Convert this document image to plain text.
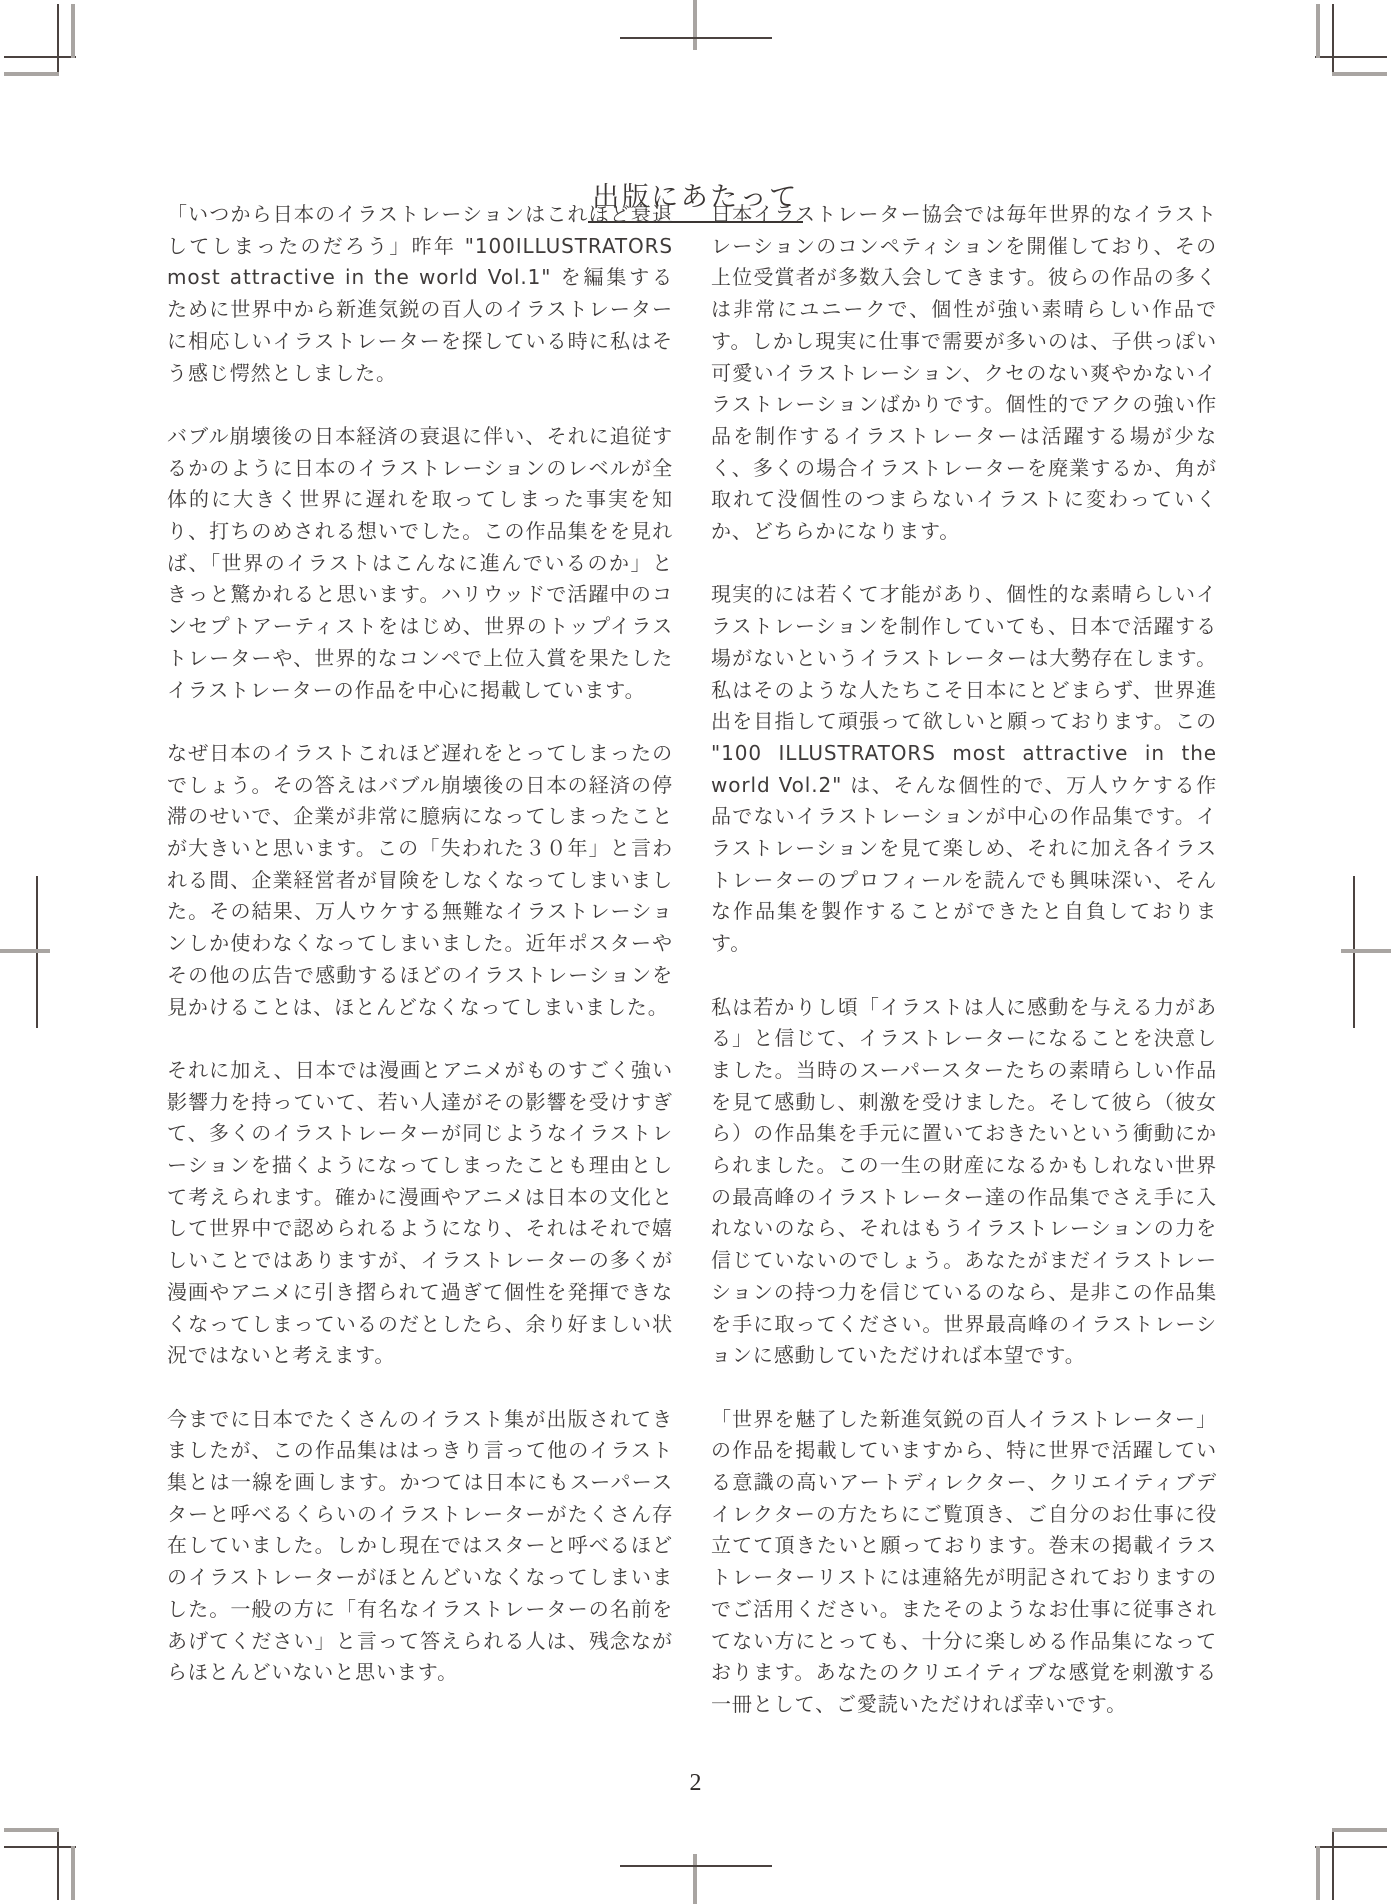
出版にあたって

「いつから日本のイラストレーションはこれほど衰退してしまったのだろう」昨年 "100ILLUSTRATORS most attractive in the world Vol.1" を編集するために世界中から新進気鋭の百人のイラストレーターに相応しいイラストレーターを探している時に私はそう感じ愕然としました。

バブル崩壊後の日本経済の衰退に伴い、それに追従するかのように日本のイラストレーションのレベルが全体的に大きく世界に遅れを取ってしまった事実を知り、打ちのめされる想いでした。この作品集をを見れば、「世界のイラストはこんなに進んでいるのか」ときっと驚かれると思います。ハリウッドで活躍中のコンセプトアーティストをはじめ、世界のトップイラストレーターや、世界的なコンペで上位入賞を果たしたイラストレーターの作品を中心に掲載しています。

なぜ日本のイラストこれほど遅れをとってしまったのでしょう。その答えはバブル崩壊後の日本の経済の停滞のせいで、企業が非常に臆病になってしまったことが大きいと思います。この「失われた３０年」と言われる間、企業経営者が冒険をしなくなってしまいました。その結果、万人ウケする無難なイラストレーションしか使わなくなってしまいました。近年ポスターやその他の広告で感動するほどのイラストレーションを見かけることは、ほとんどなくなってしまいました。

それに加え、日本では漫画とアニメがものすごく強い影響力を持っていて、若い人達がその影響を受けすぎて、多くのイラストレーターが同じようなイラストレーションを描くようになってしまったことも理由として考えられます。確かに漫画やアニメは日本の文化として世界中で認められるようになり、それはそれで嬉しいことではありますが、イラストレーターの多くが漫画やアニメに引き摺られて過ぎて個性を発揮できなくなってしまっているのだとしたら、余り好ましい状況ではないと考えます。

今までに日本でたくさんのイラスト集が出版されてきましたが、この作品集ははっきり言って他のイラスト集とは一線を画します。かつては日本にもスーパースターと呼べるくらいのイラストレーターがたくさん存在していました。しかし現在ではスターと呼べるほどのイラストレーターがほとんどいなくなってしまいました。一般の方に「有名なイラストレーターの名前をあげてください」と言って答えられる人は、残念ながらほとんどいないと思います。

日本イラストレーター協会では毎年世界的なイラストレーションのコンペティションを開催しており、その上位受賞者が多数入会してきます。彼らの作品の多くは非常にユニークで、個性が強い素晴らしい作品です。しかし現実に仕事で需要が多いのは、子供っぽい可愛いイラストレーション、クセのない爽やかないイラストレーションばかりです。個性的でアクの強い作品を制作するイラストレーターは活躍する場が少なく、多くの場合イラストレーターを廃業するか、角が取れて没個性のつまらないイラストに変わっていくか、どちらかになります。

現実的には若くて才能があり、個性的な素晴らしいイラストレーションを制作していても、日本で活躍する場がないというイラストレーターは大勢存在します。私はそのような人たちこそ日本にとどまらず、世界進出を目指して頑張って欲しいと願っております。この "100 ILLUSTRATORS most attractive in the world Vol.2" は、そんな個性的で、万人ウケする作品でないイラストレーションが中心の作品集です。イラストレーションを見て楽しめ、それに加え各イラストレーターのプロフィールを読んでも興味深い、そんな作品集を製作することができたと自負しております。

私は若かりし頃「イラストは人に感動を与える力がある」と信じて、イラストレーターになることを決意しました。当時のスーパースターたちの素晴らしい作品を見て感動し、刺激を受けました。そして彼ら（彼女ら）の作品集を手元に置いておきたいという衝動にかられました。この一生の財産になるかもしれない世界の最高峰のイラストレーター達の作品集でさえ手に入れないのなら、それはもうイラストレーションの力を信じていないのでしょう。あなたがまだイラストレーションの持つ力を信じているのなら、是非この作品集を手に取ってください。世界最高峰のイラストレーションに感動していただければ本望です。

「世界を魅了した新進気鋭の百人イラストレーター」の作品を掲載していますから、特に世界で活躍している意識の高いアートディレクター、クリエイティブデイレクターの方たちにご覧頂き、ご自分のお仕事に役立てて頂きたいと願っております。巻末の掲載イラストレーターリストには連絡先が明記されておりますのでご活用ください。またそのようなお仕事に従事されてない方にとっても、十分に楽しめる作品集になっております。あなたのクリエイティブな感覚を刺激する一冊として、ご愛読いただければ幸いです。

2
